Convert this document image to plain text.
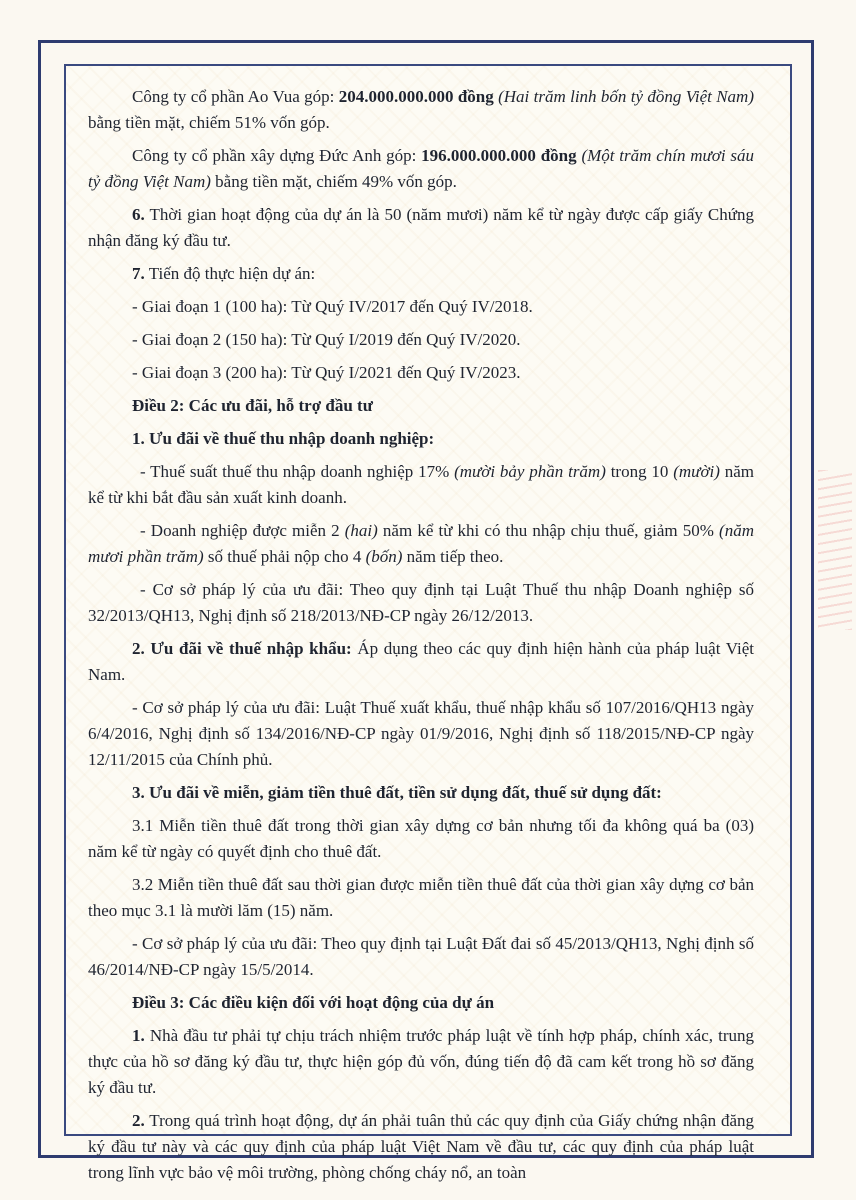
Công ty cổ phần Ao Vua góp: 204.000.000.000 đồng (Hai trăm linh bốn tỷ đồng Việt Nam) bằng tiền mặt, chiếm 51% vốn góp.

Công ty cổ phần xây dựng Đức Anh góp: 196.000.000.000 đồng (Một trăm chín mươi sáu tỷ đồng Việt Nam) bằng tiền mặt, chiếm 49% vốn góp.

6. Thời gian hoạt động của dự án là 50 (năm mươi) năm kể từ ngày được cấp giấy Chứng nhận đăng ký đầu tư.

7. Tiến độ thực hiện dự án:

- Giai đoạn 1 (100 ha): Từ Quý IV/2017 đến Quý IV/2018.

- Giai đoạn 2 (150 ha): Từ Quý I/2019 đến Quý IV/2020.

- Giai đoạn 3 (200 ha): Từ Quý I/2021 đến Quý IV/2023.

Điều 2: Các ưu đãi, hỗ trợ đầu tư

1. Ưu đãi về thuế thu nhập doanh nghiệp:

- Thuế suất thuế thu nhập doanh nghiệp 17% (mười bảy phần trăm) trong 10 (mười) năm kể từ khi bắt đầu sản xuất kinh doanh.

- Doanh nghiệp được miễn 2 (hai) năm kể từ khi có thu nhập chịu thuế, giảm 50% (năm mươi phần trăm) số thuế phải nộp cho 4 (bốn) năm tiếp theo.

- Cơ sở pháp lý của ưu đãi: Theo quy định tại Luật Thuế thu nhập Doanh nghiệp số 32/2013/QH13, Nghị định số 218/2013/NĐ-CP ngày 26/12/2013.

2. Ưu đãi về thuế nhập khẩu: Áp dụng theo các quy định hiện hành của pháp luật Việt Nam.

- Cơ sở pháp lý của ưu đãi: Luật Thuế xuất khẩu, thuế nhập khẩu số 107/2016/QH13 ngày 6/4/2016, Nghị định số 134/2016/NĐ-CP ngày 01/9/2016, Nghị định số 118/2015/NĐ-CP ngày 12/11/2015 của Chính phủ.

3. Ưu đãi về miễn, giảm tiền thuê đất, tiền sử dụng đất, thuế sử dụng đất:

3.1 Miễn tiền thuê đất trong thời gian xây dựng cơ bản nhưng tối đa không quá ba (03) năm kể từ ngày có quyết định cho thuê đất.

3.2 Miễn tiền thuê đất sau thời gian được miễn tiền thuê đất của thời gian xây dựng cơ bản theo mục 3.1 là mười lăm (15) năm.

- Cơ sở pháp lý của ưu đãi: Theo quy định tại Luật Đất đai số 45/2013/QH13, Nghị định số 46/2014/NĐ-CP ngày 15/5/2014.

Điều 3: Các điều kiện đối với hoạt động của dự án

1. Nhà đầu tư phải tự chịu trách nhiệm trước pháp luật về tính hợp pháp, chính xác, trung thực của hồ sơ đăng ký đầu tư, thực hiện góp đủ vốn, đúng tiến độ đã cam kết trong hồ sơ đăng ký đầu tư.

2. Trong quá trình hoạt động, dự án phải tuân thủ các quy định của Giấy chứng nhận đăng ký đầu tư này và các quy định của pháp luật Việt Nam về đầu tư, các quy định của pháp luật trong lĩnh vực bảo vệ môi trường, phòng chống cháy nổ, an toàn
